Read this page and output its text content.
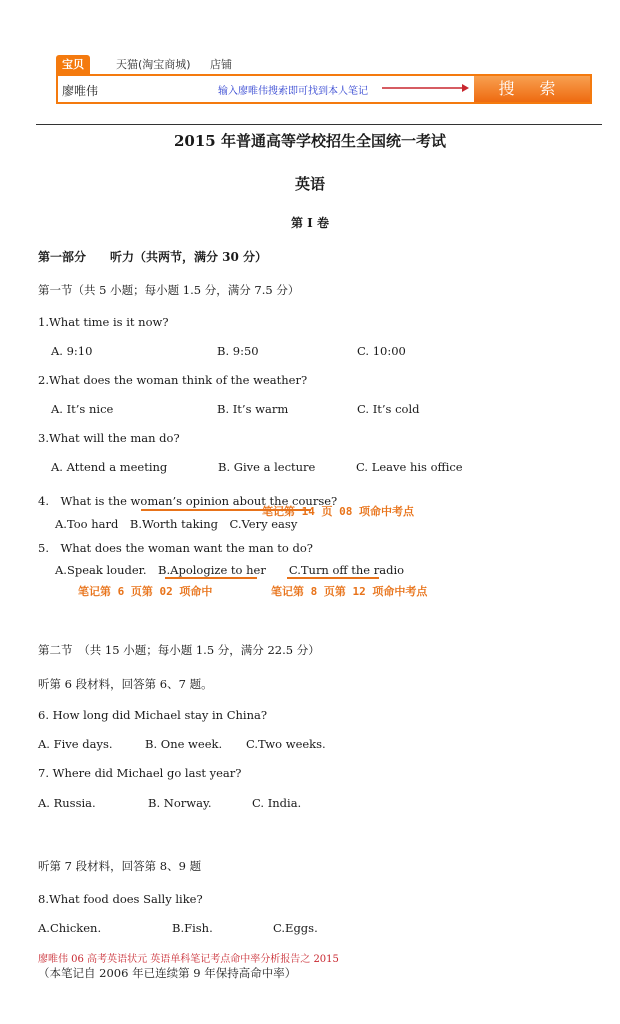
宝贝	天猫(淘宝商城)	店铺
廖唯伟
输入廖唯伟搜索即可找到本人笔记	搜 索
2015 年普通高等学校招生全国统一考试
英语
第 I 卷
第一部分　　听力（共两节，满分 30 分）
第一节（共 5 小题；每小题 1.5 分，满分 7.5 分）
1.What time is it now?
A. 9:10	B. 9:50	C. 10:00
2.What does the woman think of the weather?
A. It’s nice	B. It’s warm	C. It’s cold
3.What will the man do?
A. Attend a meeting	B. Give a lecture	C. Leave his office
4.　What is the woman’s opinion about the course?
笔记第 14 页 08 项命中考点
A.Too hard　B.Worth taking　C.Very easy
5.　What does the woman want the man to do?
A.Speak louder.　B.Apologize to her　　C.Turn off the radio
笔记第 6 页第 02 项命中	笔记第 8 页第 12 项命中考点
第二节　（共 15 小题；每小题 1.5 分，满分 22.5 分）
听第 6 段材料，回答第 6、7 题。
6. How long did Michael stay in China?
A. Five days.	B. One week. C.Two weeks.
7. Where did Michael go last year?
A. Russia.	B. Norway.	C. India.
听第 7 段材料，回答第 8、9 题
8.What food does Sally like?
A.Chicken.	B.Fish.	C.Eggs.
廖唯伟 06 高考英语状元 英语单科笔记考点命中率分析报告之 2015
（本笔记自 2006 年已连续第 9 年保持高命中率）
